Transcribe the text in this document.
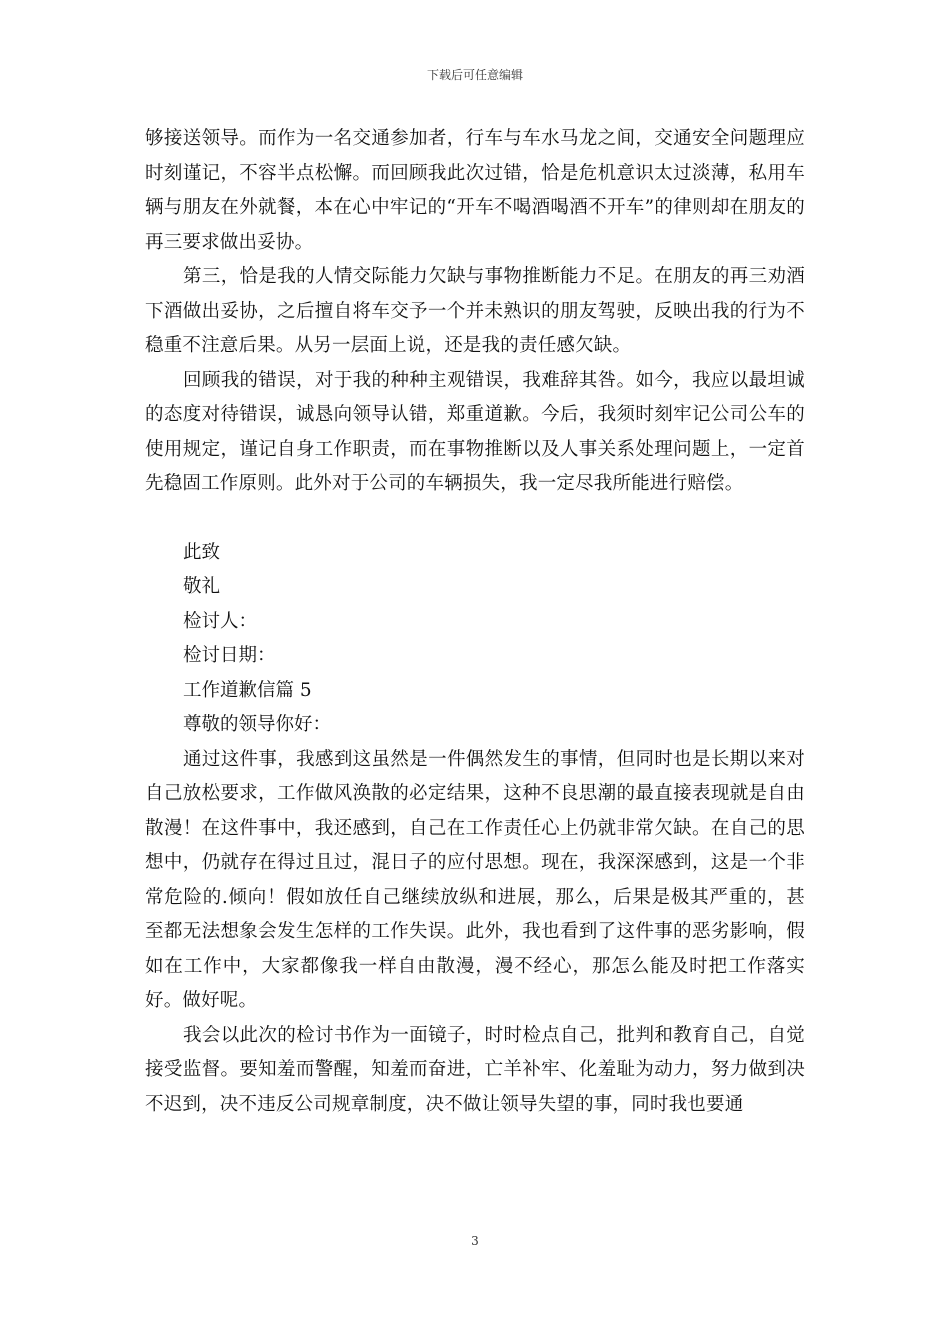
下载后可任意编辑

够接送领导。而作为一名交通参加者，行车与车水马龙之间，交通安全问题理应时刻谨记，不容半点松懈。而回顾我此次过错，恰是危机意识太过淡薄，私用车辆与朋友在外就餐，本在心中牢记的“开车不喝酒喝酒不开车”的律则却在朋友的再三要求做出妥协。

第三，恰是我的人情交际能力欠缺与事物推断能力不足。在朋友的再三劝酒下酒做出妥协，之后擅自将车交予一个并未熟识的朋友驾驶，反映出我的行为不稳重不注意后果。从另一层面上说，还是我的责任感欠缺。

回顾我的错误，对于我的种种主观错误，我难辞其咎。如今，我应以最坦诚的态度对待错误，诚恳向领导认错，郑重道歉。今后，我须时刻牢记公司公车的使用规定，谨记自身工作职责，而在事物推断以及人事关系处理问题上，一定首先稳固工作原则。此外对于公司的车辆损失，我一定尽我所能进行赔偿。

此致

敬礼

检讨人：

检讨日期：

工作道歉信篇 5

尊敬的领导你好：

通过这件事，我感到这虽然是一件偶然发生的事情，但同时也是长期以来对自己放松要求，工作做风涣散的必定结果，这种不良思潮的最直接表现就是自由散漫！在这件事中，我还感到，自己在工作责任心上仍就非常欠缺。在自己的思想中，仍就存在得过且过，混日子的应付思想。现在，我深深感到，这是一个非常危险的.倾向！假如放任自己继续放纵和进展，那么，后果是极其严重的，甚至都无法想象会发生怎样的工作失误。此外，我也看到了这件事的恶劣影响，假如在工作中，大家都像我一样自由散漫，漫不经心，那怎么能及时把工作落实好。做好呢。

我会以此次的检讨书作为一面镜子，时时检点自己，批判和教育自己，自觉接受监督。要知羞而警醒，知羞而奋进，亡羊补牢、化羞耻为动力，努力做到决不迟到，决不违反公司规章制度，决不做让领导失望的事，同时我也要通

3
